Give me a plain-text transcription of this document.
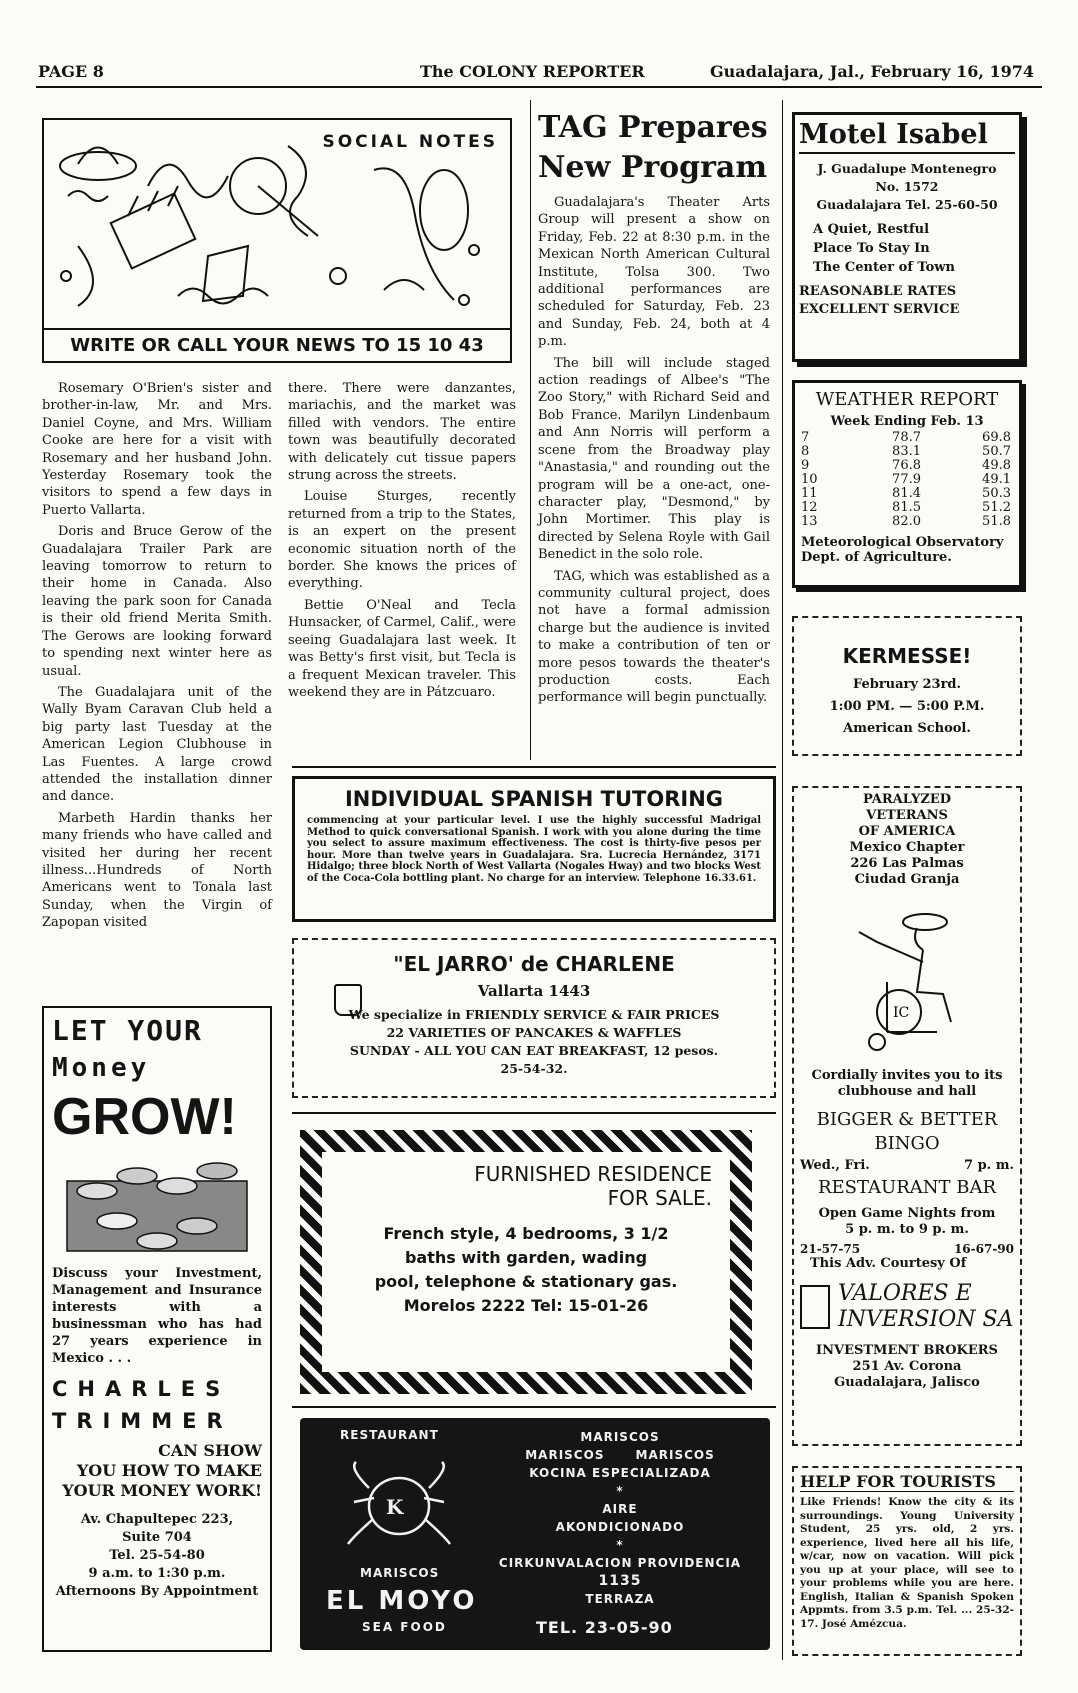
PAGE 8	The COLONY REPORTER	Guadalajara, Jal., February 16, 1974
SOCIAL NOTES
WRITE OR CALL YOUR NEWS TO 15 10 43

Rosemary O'Brien's sister and brother-in-law, Mr. and Mrs. Daniel Coyne, and Mrs. William Cooke are here for a visit with Rosemary and her husband John. Yesterday Rosemary took the visitors to spend a few days in Puerto Vallarta.

Doris and Bruce Gerow of the Guadalajara Trailer Park are leaving tomorrow to return to their home in Canada. Also leaving the park soon for Canada is their old friend Merita Smith. The Gerows are looking forward to spending next winter here as usual.

The Guadalajara unit of the Wally Byam Caravan Club held a big party last Tuesday at the American Legion Clubhouse in Las Fuentes. A large crowd attended the installation dinner and dance.

Marbeth Hardin thanks her many friends who have called and visited her during her recent illness...Hundreds of North Americans went to Tonala last Sunday, when the Virgin of Zapopan visited

there. There were danzantes, mariachis, and the market was filled with vendors. The entire town was beautifully decorated with delicately cut tissue papers strung across the streets.

Louise Sturges, recently returned from a trip to the States, is an expert on the present economic situation north of the border. She knows the prices of everything.

Bettie O'Neal and Tecla Hunsacker, of Carmel, Calif., were seeing Guadalajara last week. It was Betty's first visit, but Tecla is a frequent Mexican traveler. This weekend they are in Pátzcuaro.

TAG Prepares
New Program

Guadalajara's Theater Arts Group will present a show on Friday, Feb. 22 at 8:30 p.m. in the Mexican North American Cultural Institute, Tolsa 300. Two additional performances are scheduled for Saturday, Feb. 23 and Sunday, Feb. 24, both at 4 p.m.

The bill will include staged action readings of Albee's "The Zoo Story," with Richard Seid and Bob France. Marilyn Lindenbaum and Ann Norris will perform a scene from the Broadway play "Anastasia," and rounding out the program will be a one-act, one-character play, "Desmond," by John Mortimer. This play is directed by Selena Royle with Gail Benedict in the solo role.

TAG, which was established as a community cultural project, does not have a formal admission charge but the audience is invited to make a contribution of ten or more pesos towards the theater's production costs. Each performance will begin punctually.

Motel Isabel
J. Guadalupe Montenegro
No. 1572
Guadalajara Tel. 25-60-50
A Quiet, Restful
Place To Stay In
The Center of Town
REASONABLE RATES
EXCELLENT SERVICE
WEATHER REPORT
Week Ending Feb. 13
7	78.7	69.8
8	83.1	50.7
9	76.8	49.8
10	77.9	49.1
11	81.4	50.3
12	81.5	51.2
13	82.0	51.8
Meteorological Observatory
Dept. of Agriculture.
KERMESSE!
February 23rd.
1:00 PM. — 5:00 P.M.
American School.
PARALYZED
VETERANS
OF AMERICA
Mexico Chapter
226 Las Palmas
Ciudad Granja
IC
Cordially invites you to its clubhouse and hall
BIGGER & BETTER
BINGO
Wed., Fri.	7 p. m.
RESTAURANT BAR
Open Game Nights from
5 p. m. to 9 p. m.
21-57-75	16-67-90
This Adv. Courtesy Of
VALORES E
INVERSION SA
INVESTMENT BROKERS
251 Av. Corona
Guadalajara, Jalisco
HELP FOR TOURISTS
Like Friends! Know the city & its surroundings. Young University Student, 25 yrs. old, 2 yrs. experience, lived here all his life, w/car, now on vacation. Will pick you up at your place, will see to your problems while you are here. English, Italian & Spanish Spoken Appmts. from 3.5 p.m. Tel. ... 25-32-17. José Amézcua.
INDIVIDUAL SPANISH TUTORING
commencing at your particular level. I use the highly successful Madrigal Method to quick conversational Spanish. I work with you alone during the time you select to assure maximum effectiveness. The cost is thirty-five pesos per hour. More than twelve years in Guadalajara. Sra. Lucrecia Hernández, 3171 Hidalgo; three block North of West Vallarta (Nogales Hway) and two blocks West of the Coca-Cola bottling plant. No charge for an interview. Telephone 16.33.61.
"EL JARRO' de CHARLENE
Vallarta 1443
We specialize in FRIENDLY SERVICE & FAIR PRICES
22 VARIETIES OF PANCAKES & WAFFLES
SUNDAY - ALL YOU CAN EAT BREAKFAST, 12 pesos.
25-54-32.
FURNISHED RESIDENCE
FOR SALE.
French style, 4 bedrooms, 3 1/2
baths with garden, wading
pool, telephone & stationary gas.
Morelos 2222 Tel: 15-01-26
LET YOUR
Money
GROW!
Discuss your Investment, Management and Insurance interests with a businessman who has had 27 years experience in Mexico . . .
CHARLES
TRIMMER
CAN SHOW
YOU HOW TO MAKE
YOUR MONEY WORK!
Av. Chapultepec 223,
Suite 704
Tel. 25-54-80
9 a.m. to 1:30 p.m.
Afternoons By Appointment
RESTAURANT
K
MARISCOS
EL MOYO
SEA FOOD
MARISCOS
MARISCOS      MARISCOS
KOCINA ESPECIALIZADA
*
AIRE
AKONDICIONADO
*
CIRKUNVALACION PROVIDENCIA
1135
TERRAZA
TEL. 23-05-90
